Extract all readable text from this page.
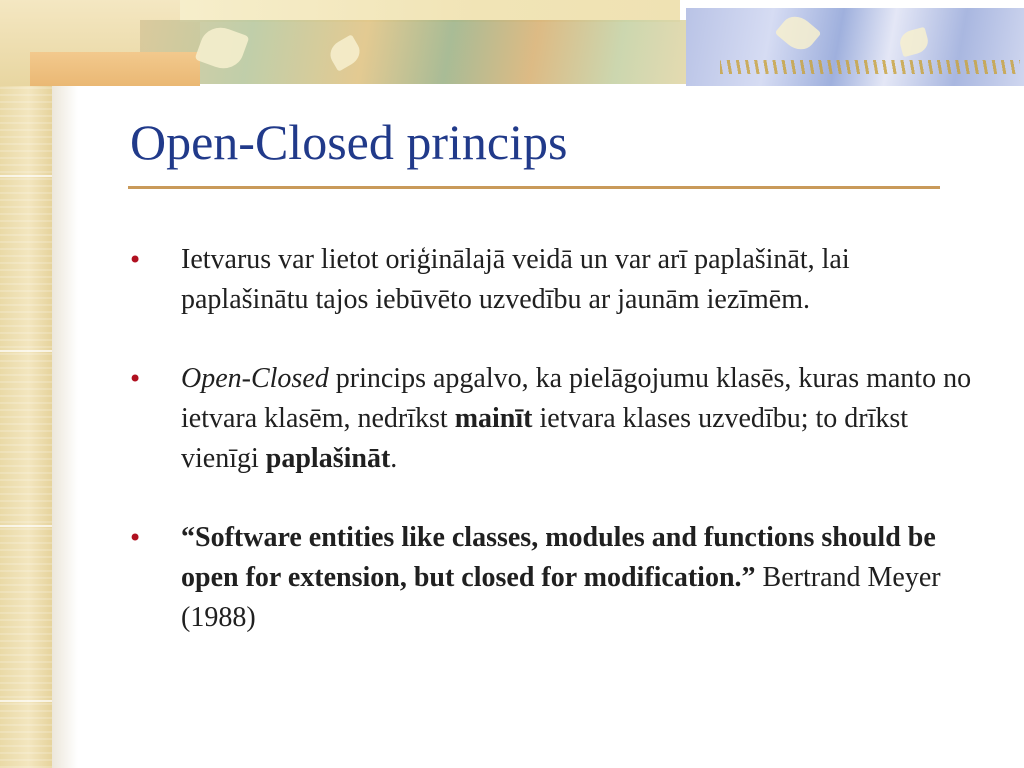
Open-Closed princips
• Ietvarus var lietot oriģinālajā veidā un var arī paplašināt, lai paplašinātu tajos iebūvēto uzvedību ar jaunām iezīmēm.
• Open-Closed princips apgalvo, ka pielāgojumu klasēs, kuras manto no ietvara klasēm, nedrīkst mainīt ietvara klases uzvedību; to drīkst vienīgi paplašināt.
• “Software entities like classes, modules and functions should be open for extension, but closed for modification.” Bertrand Meyer (1988)
